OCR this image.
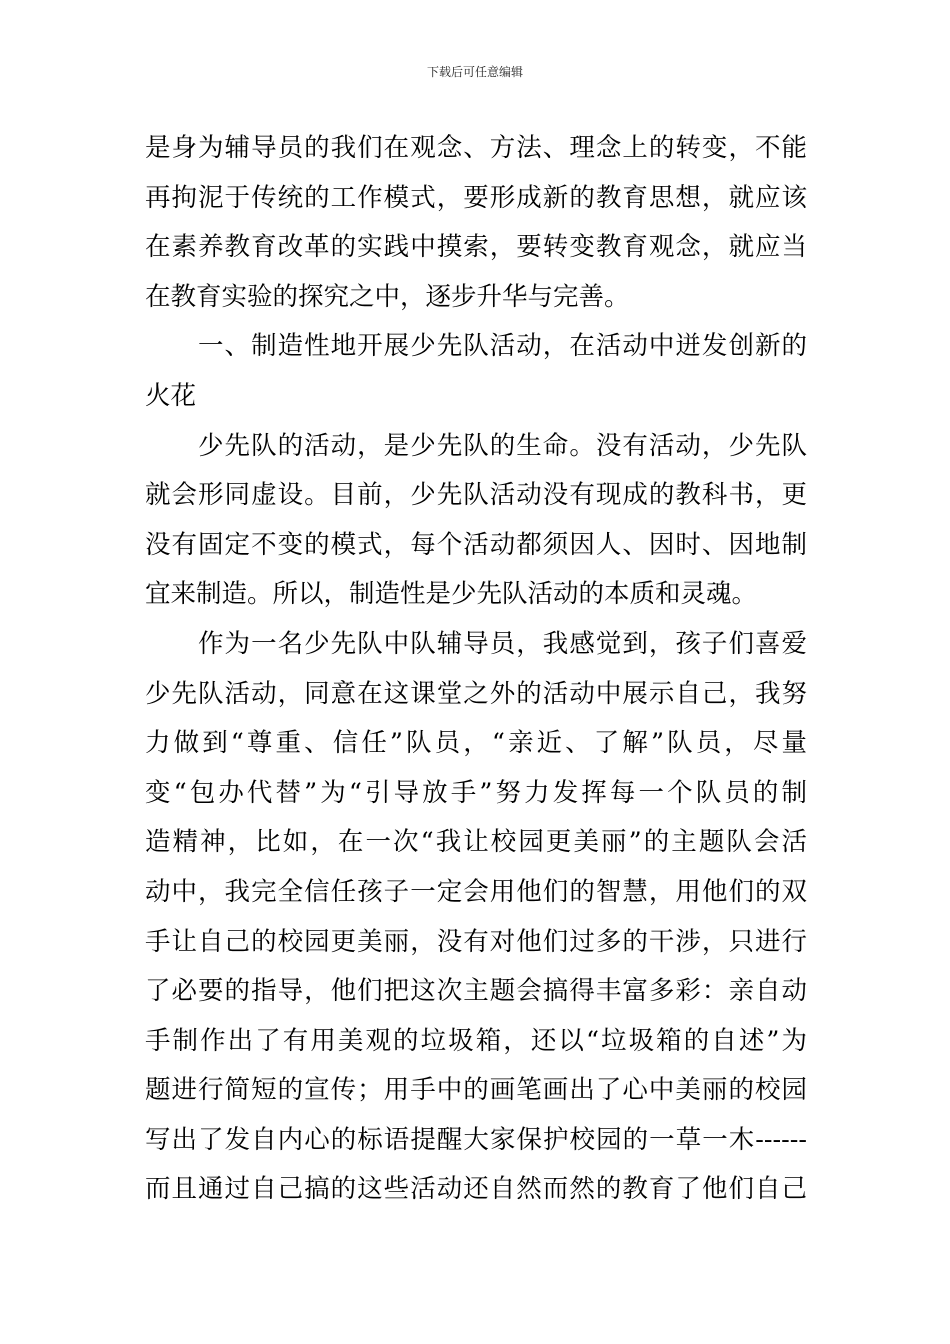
下载后可任意编辑
是身为辅导员的我们在观念、方法、理念上的转变，不能
再拘泥于传统的工作模式，要形成新的教育思想，就应该
在素养教育改革的实践中摸索，要转变教育观念，就应当
在教育实验的探究之中，逐步升华与完善。
　　一、制造性地开展少先队活动，在活动中迸发创新的
火花
　　少先队的活动，是少先队的生命。没有活动，少先队
就会形同虚设。目前，少先队活动没有现成的教科书，更
没有固定不变的模式，每个活动都须因人、因时、因地制
宜来制造。所以，制造性是少先队活动的本质和灵魂。
　　作为一名少先队中队辅导员，我感觉到，孩子们喜爱
少先队活动，同意在这课堂之外的活动中展示自己，我努
力做到“尊重、信任”队员，“亲近、了解”队员，尽量
变“包办代替”为“引导放手”努力发挥每一个队员的制
造精神，比如，在一次“我让校园更美丽”的主题队会活
动中，我完全信任孩子一定会用他们的智慧，用他们的双
手让自己的校园更美丽，没有对他们过多的干涉，只进行
了必要的指导，他们把这次主题会搞得丰富多彩：亲自动
手制作出了有用美观的垃圾箱，还以“垃圾箱的自述”为
题进行简短的宣传；用手中的画笔画出了心中美丽的校园
写出了发自内心的标语提醒大家保护校园的一草一木------
而且通过自己搞的这些活动还自然而然的教育了他们自己
